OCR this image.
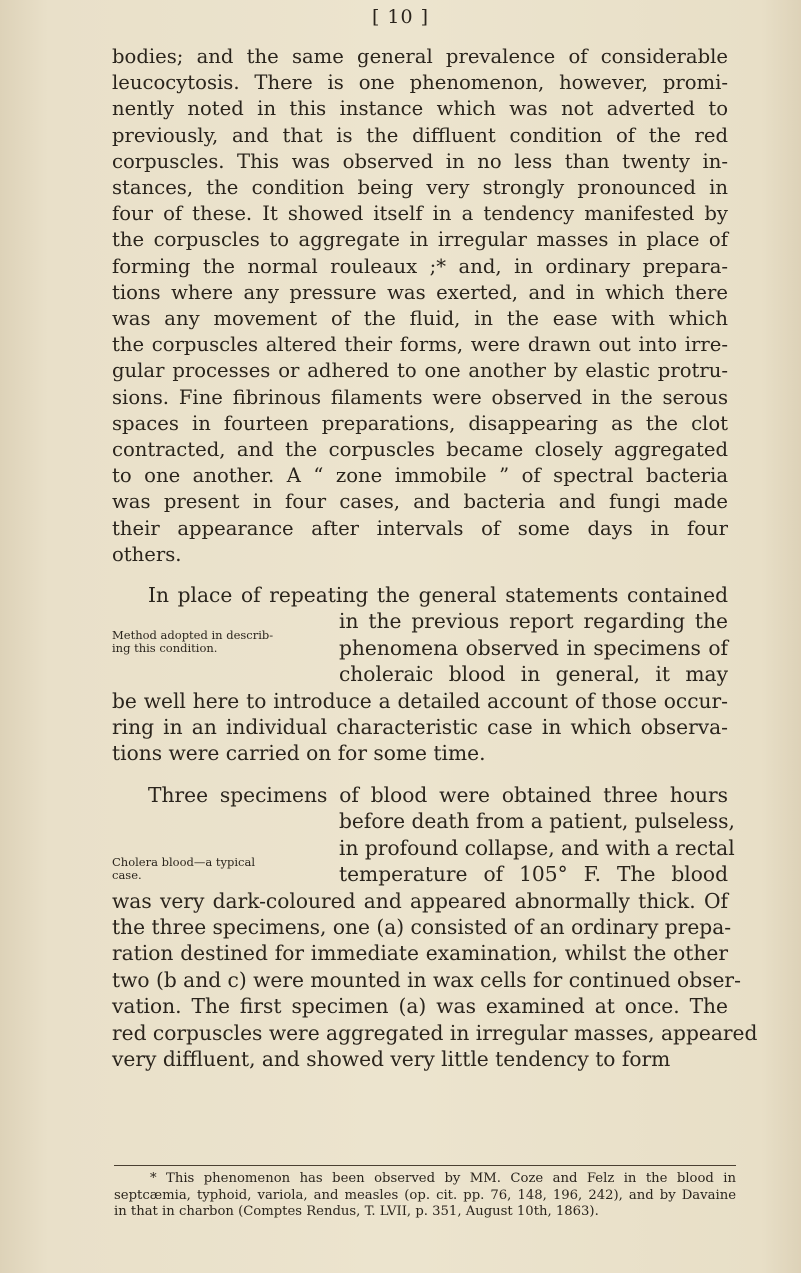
[ 10 ]
bodies; and the same general prevalence of considerable
leucocytosis. There is one phenomenon, however, promi-
nently noted in this instance which was not adverted to
previously, and that is the diffluent condition of the red
corpuscles. This was observed in no less than twenty in-
stances, the condition being very strongly pronounced in
four of these. It showed itself in a tendency manifested by
the corpuscles to aggregate in irregular masses in place of
forming the normal rouleaux ;* and, in ordinary prepara-
tions where any pressure was exerted, and in which there
was any movement of the fluid, in the ease with which
the corpuscles altered their forms, were drawn out into irre-
gular processes or adhered to one another by elastic protru-
sions. Fine fibrinous filaments were observed in the serous
spaces in fourteen preparations, disappearing as the clot
contracted, and the corpuscles became closely aggregated
to one another. A “ zone immobile ” of spectral bacteria
was present in four cases, and bacteria and fungi made
their appearance after intervals of some days in four
others.
In place of repeating the general statements contained
in the previous report regarding the
phenomena observed in specimens of
choleraic blood in general, it may
be well here to introduce a detailed account of those occur-
ring in an individual characteristic case in which observa-
tions were carried on for some time.
Method adopted in describ-
ing this condition.
Three specimens of blood were obtained three hours
before death from a patient, pulseless,
in profound collapse, and with a rectal
temperature of 105° F. The blood
was very dark-coloured and appeared abnormally thick. Of
the three specimens, one (a) consisted of an ordinary prepa-
ration destined for immediate examination, whilst the other
two (b and c) were mounted in wax cells for continued obser-
vation. The first specimen (a) was examined at once. The
red corpuscles were aggregated in irregular masses, appeared
very diffluent, and showed very little tendency to form
Cholera blood—a typical
case.
* This phenomenon has been observed by MM. Coze and Felz in the blood in
septcæmia, typhoid, variola, and measles (op. cit. pp. 76, 148, 196, 242), and by Davaine
in that in charbon (Comptes Rendus, T. LVII, p. 351, August 10th, 1863).
